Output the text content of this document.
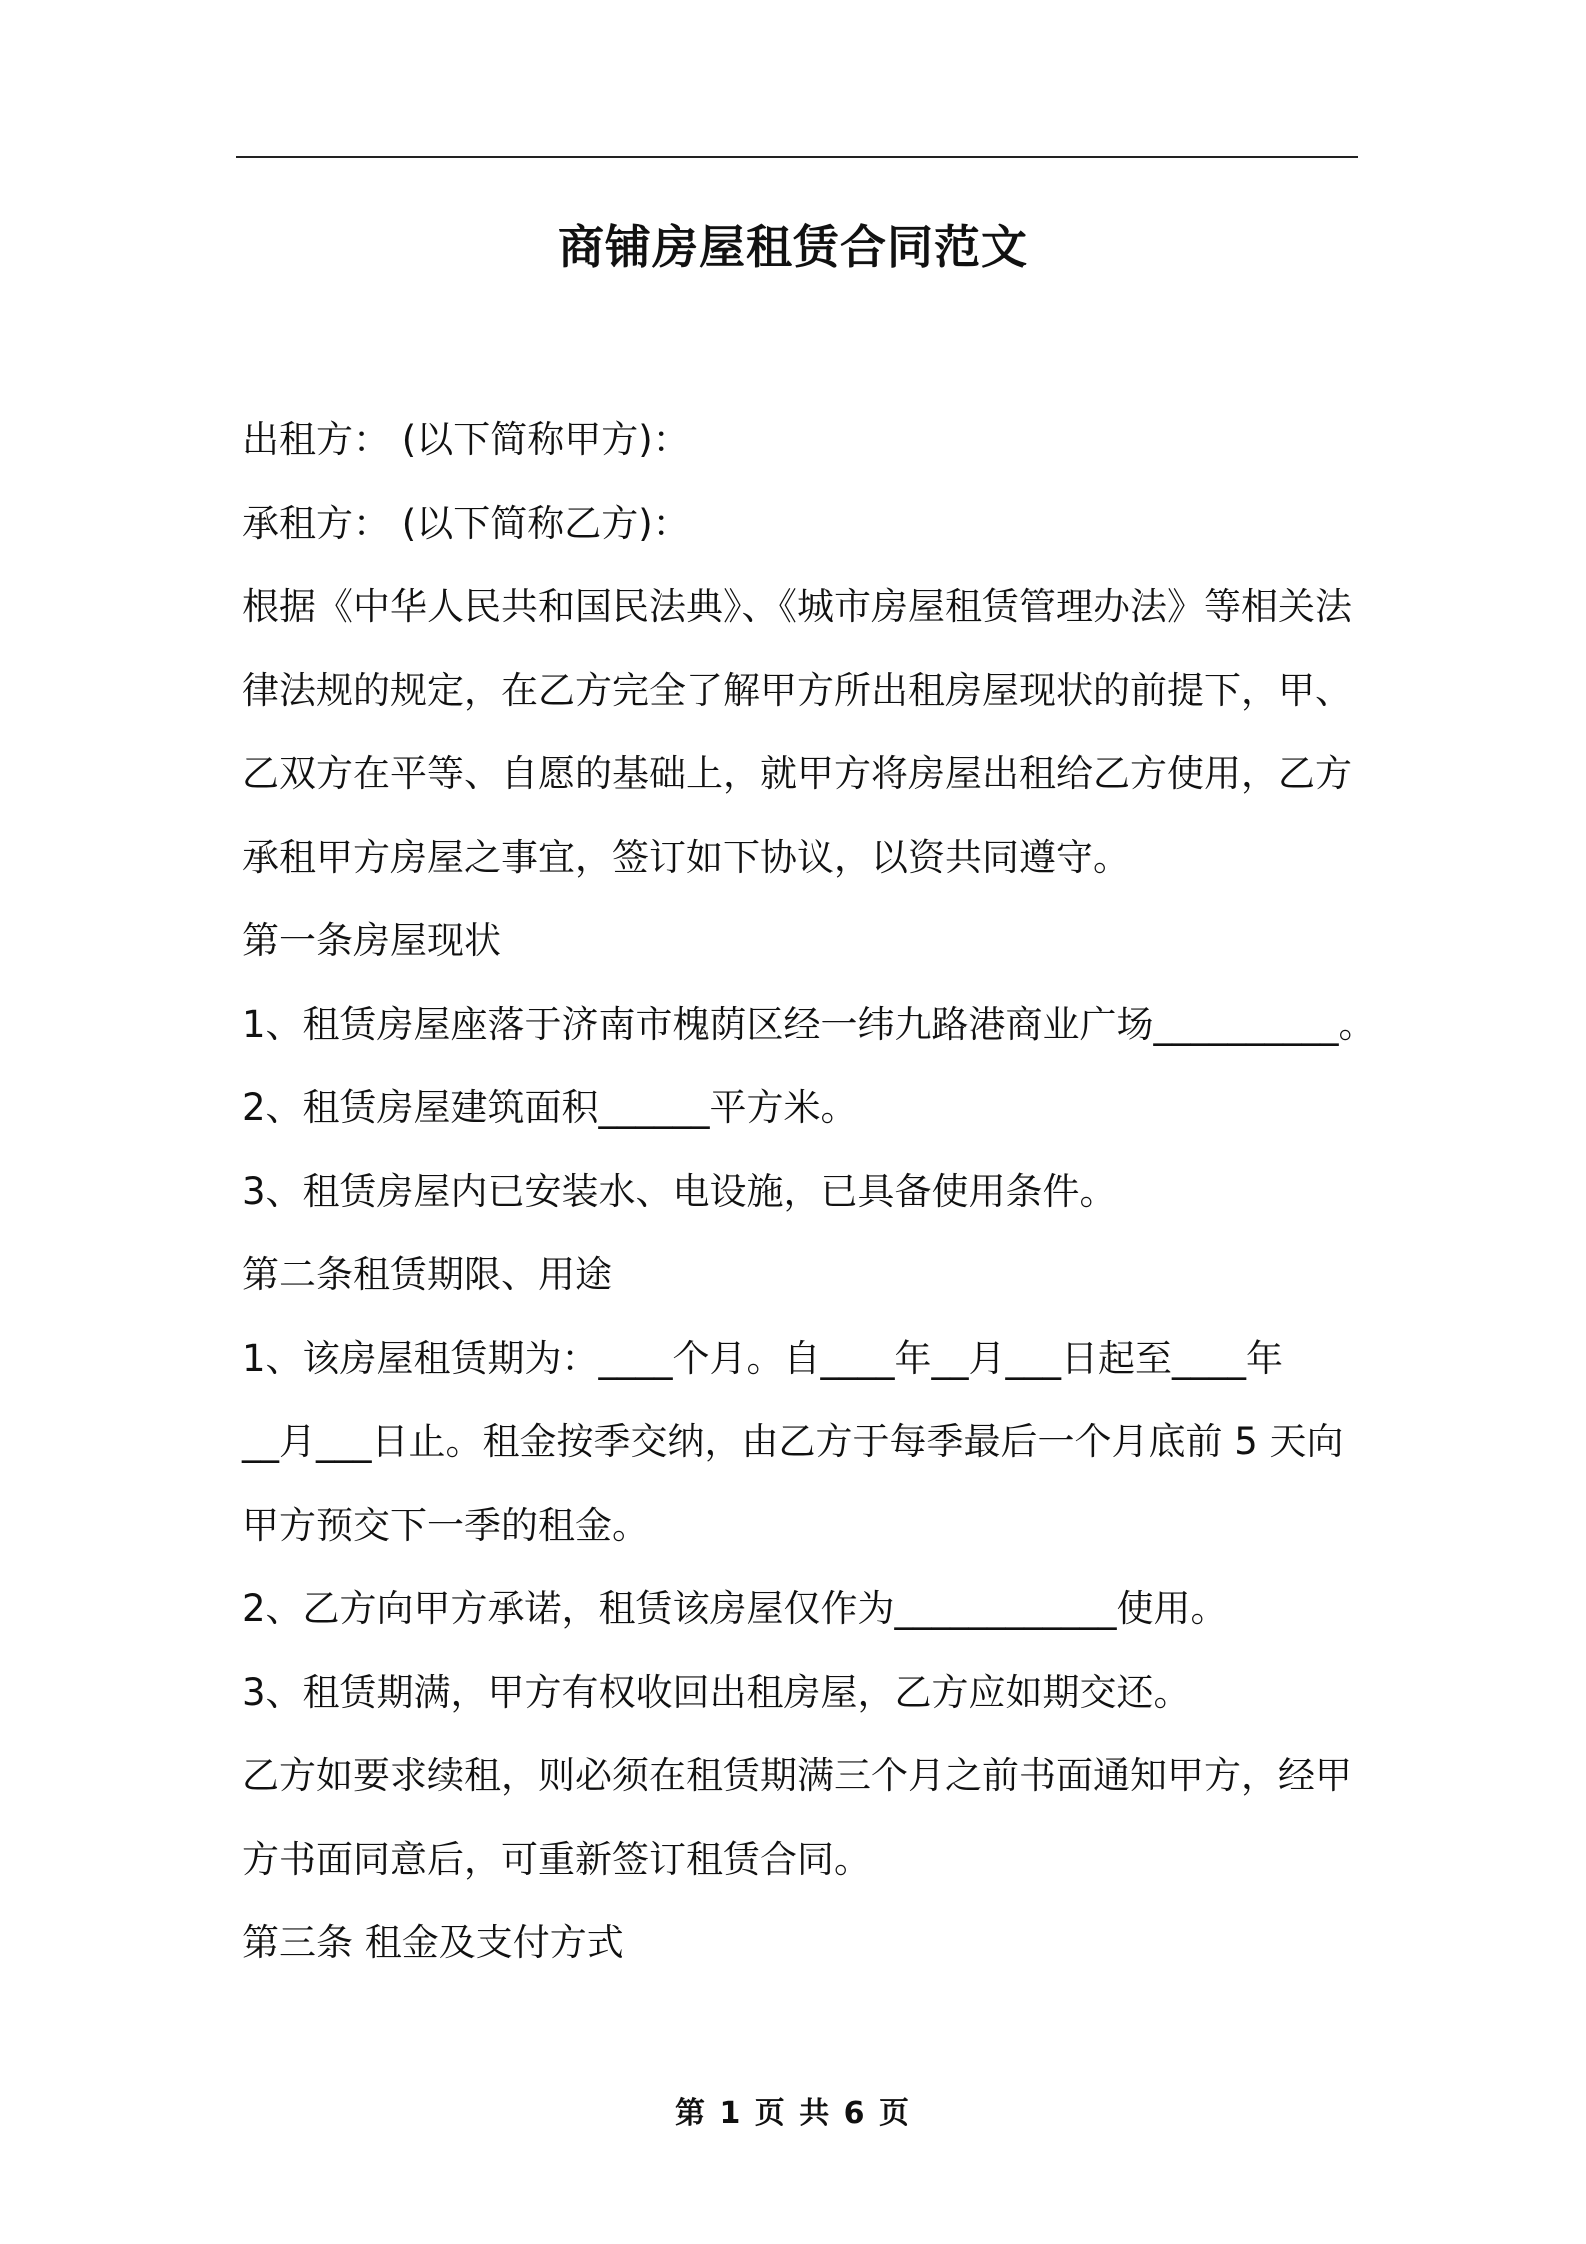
商铺房屋租赁合同范文

出租方： (以下简称甲方)：

承租方： (以下简称乙方)：

根据《中华人民共和国民法典》、《城市房屋租赁管理办法》等相关法

律法规的规定，在乙方完全了解甲方所出租房屋现状的前提下，甲、

乙双方在平等、自愿的基础上，就甲方将房屋出租给乙方使用，乙方

承租甲方房屋之事宜，签订如下协议，以资共同遵守。

第一条房屋现状

1、租赁房屋座落于济南市槐荫区经一纬九路港商业广场__________。

2、租赁房屋建筑面积______平方米。

3、租赁房屋内已安装水、电设施，已具备使用条件。

第二条租赁期限、用途

1、该房屋租赁期为：____个月。自____年__月___日起至____年

__月___日止。租金按季交纳，由乙方于每季最后一个月底前 5 天向

甲方预交下一季的租金。

2、乙方向甲方承诺，租赁该房屋仅作为____________使用。

3、租赁期满，甲方有权收回出租房屋，乙方应如期交还。

乙方如要求续租，则必须在租赁期满三个月之前书面通知甲方，经甲

方书面同意后，可重新签订租赁合同。

第三条 租金及支付方式

第 1 页 共 6 页
